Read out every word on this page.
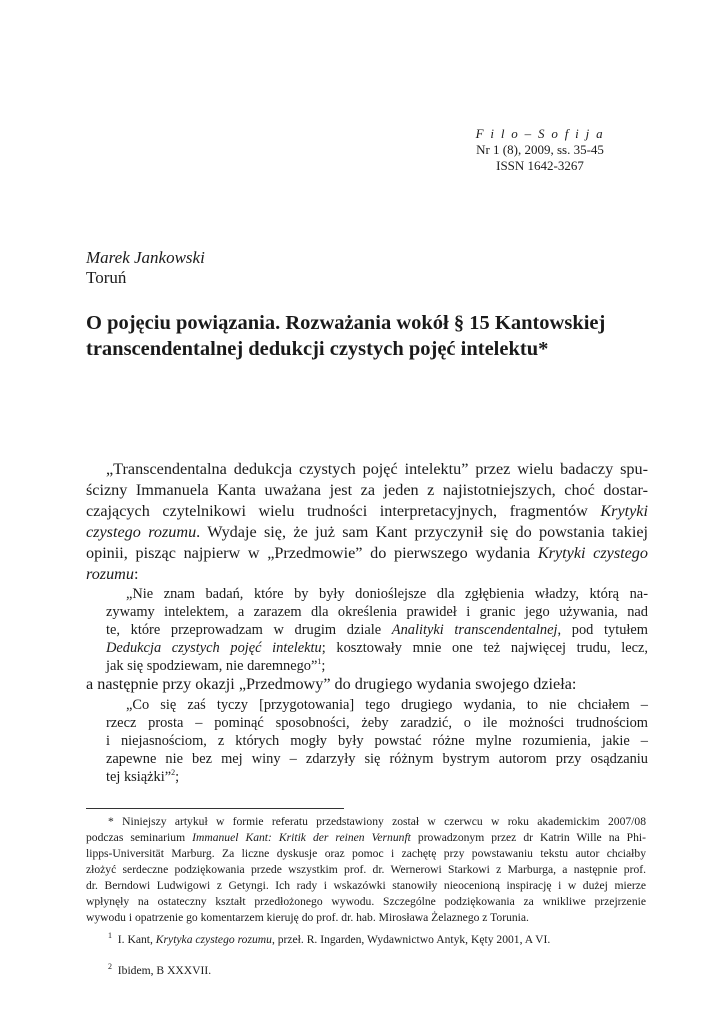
F i l o – S o f i j a
Nr 1 (8), 2009, ss. 35-45
ISSN 1642-3267
Marek Jankowski
Toruń
O pojęciu powiązania. Rozważania wokół § 15 Kantowskiej
transcendentalnej dedukcji czystych pojęć intelektu*
„Transcendentalna dedukcja czystych pojęć intelektu” przez wielu badaczy spu-
ścizny Immanuela Kanta uważana jest za jeden z najistotniejszych, choć dostar-
czających czytelnikowi wielu trudności interpretacyjnych, fragmentów Krytyki
czystego rozumu. Wydaje się, że już sam Kant przyczynił się do powstania takiej
opinii, pisząc najpierw w „Przedmowie” do pierwszego wydania Krytyki czystego
rozumu:
„Nie znam badań, które by były donioślejsze dla zgłębienia władzy, którą na-
zywamy intelektem, a zarazem dla określenia prawideł i granic jego używania, nad
te, które przeprowadzam w drugim dziale Analityki transcendentalnej, pod tytułem
Dedukcja czystych pojęć intelektu; kosztowały mnie one też najwięcej trudu, lecz,
jak się spodziewam, nie daremnego”$^1$;
a następnie przy okazji „Przedmowy” do drugiego wydania swojego dzieła:
„Co się zaś tyczy [przygotowania] tego drugiego wydania, to nie chciałem –
rzecz prosta – pominąć sposobności, żeby zaradzić, o ile możności trudnościom
i niejasnościom, z których mogły były powstać różne mylne rozumienia, jakie –
zapewne nie bez mej winy – zdarzyły się różnym bystrym autorom przy osądzaniu
tej książki”$^2$;
* Niniejszy artykuł w formie referatu przedstawiony został w czerwcu w roku akademickim 2007/08
podczas seminarium Immanuel Kant: Kritik der reinen Vernunft prowadzonym przez dr Katrin Wille na Phi-
lipps-Universität Marburg. Za liczne dyskusje oraz pomoc i zachętę przy powstawaniu tekstu autor chciałby
złożyć serdeczne podziękowania przede wszystkim prof. dr. Wernerowi Starkowi z Marburga, a następnie prof.
dr. Berndowi Ludwigowi z Getyngi. Ich rady i wskazówki stanowiły nieocenioną inspirację i w dużej mierze
wpłynęły na ostateczny kształt przedłożonego wywodu. Szczególne podziękowania za wnikliwe przejrzenie
wywodu i opatrzenie go komentarzem kieruję do prof. dr. hab. Mirosława Żelaznego z Torunia.
$^1$ I. Kant, Krytyka czystego rozumu, przeł. R. Ingarden, Wydawnictwo Antyk, Kęty 2001, A VI.
$^2$ Ibidem, B XXXVII.
